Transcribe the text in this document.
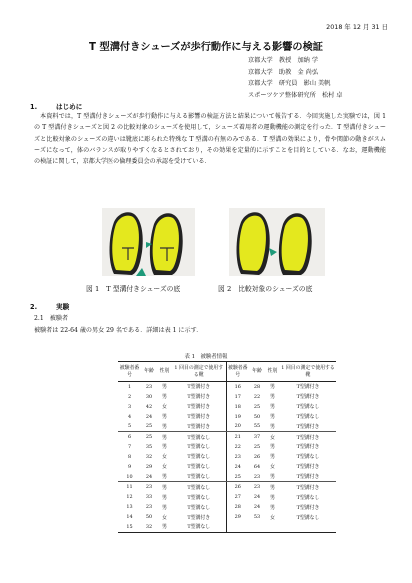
2018 年 12 月 31 日
T 型溝付きシューズが歩行動作に与える影響の検証
京都大学　教授　加納 学
京都大学　助教　金 尚弘
京都大学　研究員　影山 美帆
スポーツケア整体研究所　松村 卓
1.	はじめに

本資料では，T 型溝付きシューズが歩行動作に与える影響の検証方法と結果について報告する．今回実施した実験では，図 1 の T 型溝付きシューズと図 2 の比較対象のシューズを使用して，シューズ着用者の運動機能の測定を行った．T 型溝付きシューズと比較対象のシューズの違いは靴底に彫られた特殊な T 型溝の有無のみである．T 型溝の効果により，骨や関節の動きがスムーズになって，体のバランスが取りやすくなるとされており，その効果を定量的に示すことを目的としている．なお，運動機能の検証に関して，京都大学医の倫理委員会の承認を受けている．

図 1　T 型溝付きシューズの底	図 2　比較対象のシューズの底
2.	実験
2.1　 被験者
被験者は 22-64 歳の男女 29 名である．詳細は表 1 に示す．
表 1　被験者情報
被験者番号	年齢	性別	1 回目の測定で使用する靴	被験者番号	年齢	性別	1 回目の測定で使用する靴
1	23	男	T型溝付き	16	28	男	T型溝付き
2	30	男	T型溝付き	17	22	男	T型溝付き
3	42	女	T型溝付き	18	25	男	T型溝なし
4	24	男	T型溝付き	19	50	男	T型溝なし
5	25	男	T型溝付き	20	55	男	T型溝付き
6	25	男	T型溝なし	21	37	女	T型溝付き
7	35	男	T型溝なし	22	25	男	T型溝付き
8	32	女	T型溝なし	23	26	男	T型溝なし
9	29	女	T型溝なし	24	64	女	T型溝付き
10	24	男	T型溝なし	25	23	男	T型溝付き
11	23	男	T型溝なし	26	23	男	T型溝付き
12	33	男	T型溝なし	27	24	男	T型溝なし
13	23	男	T型溝なし	28	24	男	T型溝付き
14	50	女	T型溝付き	29	53	女	T型溝なし
15	32	男	T型溝なし				
